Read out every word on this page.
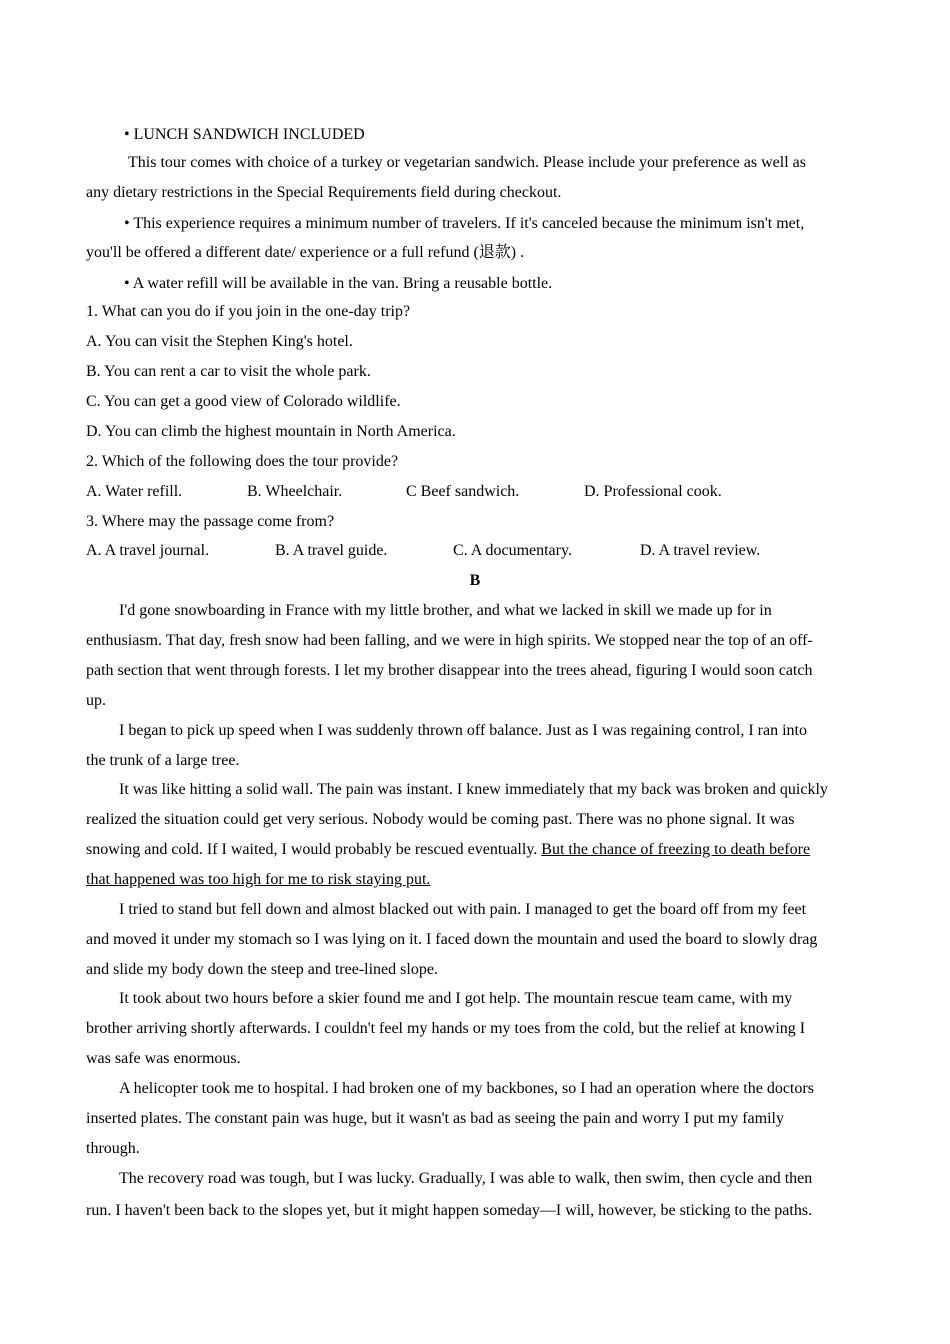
• LUNCH SANDWICH INCLUDED
This tour comes with choice of a turkey or vegetarian sandwich. Please include your preference as well as
any dietary restrictions in the Special Requirements field during checkout.
• This experience requires a minimum number of travelers. If it's canceled because the minimum isn't met,
you'll be offered a different date/ experience or a full refund (退款) .
• A water refill will be available in the van. Bring a reusable bottle.
1. What can you do if you join in the one-day trip?
A. You can visit the Stephen King's hotel.
B. You can rent a car to visit the whole park.
C. You can get a good view of Colorado wildlife.
D. You can climb the highest mountain in North America.
2. Which of the following does the tour provide?
A. Water refill.	B. Wheelchair.	C Beef sandwich.	D. Professional cook.
3. Where may the passage come from?
A. A travel journal.	B. A travel guide.	C. A documentary.	D. A travel review.
B
I'd gone snowboarding in France with my little brother, and what we lacked in skill we made up for in
enthusiasm. That day, fresh snow had been falling, and we were in high spirits. We stopped near the top of an off-
path section that went through forests. I let my brother disappear into the trees ahead, figuring I would soon catch
up.
I began to pick up speed when I was suddenly thrown off balance. Just as I was regaining control, I ran into
the trunk of a large tree.
It was like hitting a solid wall. The pain was instant. I knew immediately that my back was broken and quickly
realized the situation could get very serious. Nobody would be coming past. There was no phone signal. It was
snowing and cold. If I waited, I would probably be rescued eventually. But the chance of freezing to death before
that happened was too high for me to risk staying put.
I tried to stand but fell down and almost blacked out with pain. I managed to get the board off from my feet
and moved it under my stomach so I was lying on it. I faced down the mountain and used the board to slowly drag
and slide my body down the steep and tree-lined slope.
It took about two hours before a skier found me and I got help. The mountain rescue team came, with my
brother arriving shortly afterwards. I couldn't feel my hands or my toes from the cold, but the relief at knowing I
was safe was enormous.
A helicopter took me to hospital. I had broken one of my backbones, so I had an operation where the doctors
inserted plates. The constant pain was huge, but it wasn't as bad as seeing the pain and worry I put my family
through.
The recovery road was tough, but I was lucky. Gradually, I was able to walk, then swim, then cycle and then
run. I haven't been back to the slopes yet, but it might happen someday—I will, however, be sticking to the paths.
